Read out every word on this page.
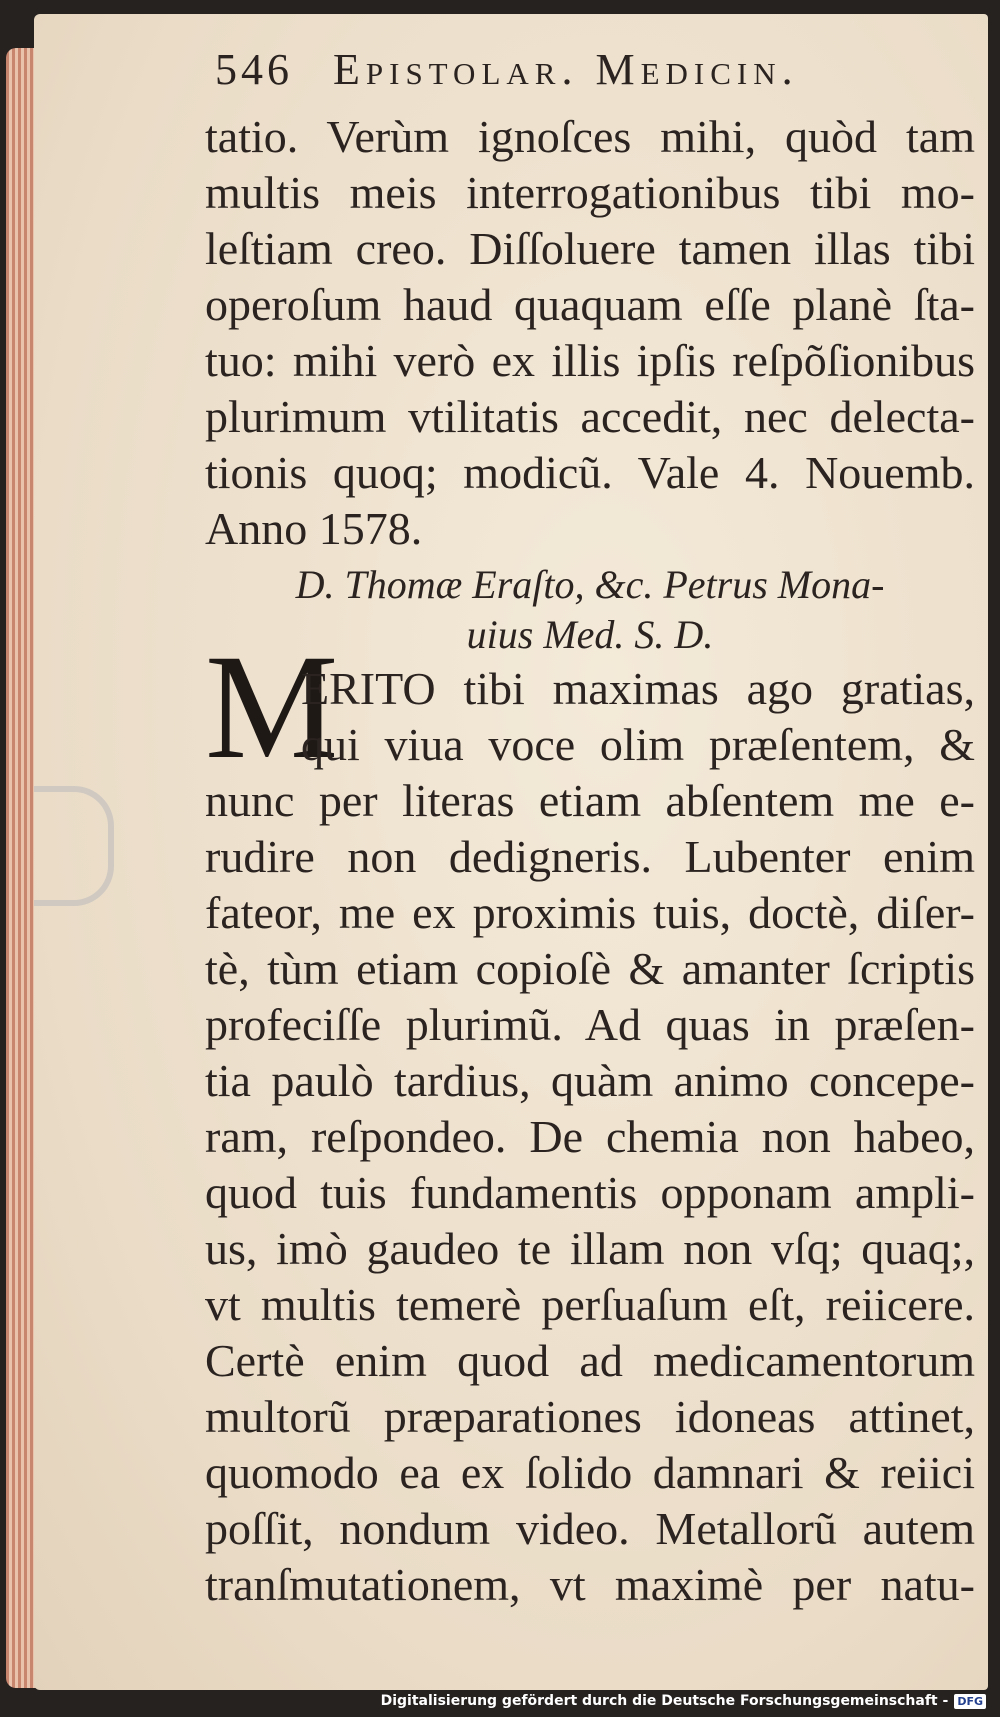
546 Epistolar. Medicin.
tatio. Verùm ignoſces mihi, quòd tam
multis meis interrogationibus tibi mo-
leſtiam creo. Diſſoluere tamen illas tibi
operoſum haud quaquam eſſe planè ſta-
tuo: mihi verò ex illis ipſis reſpõſionibus
plurimum vtilitatis accedit, nec delecta-
tionis quoq; modicũ. Vale 4. Nouemb.
Anno 1578.
D. Thomæ Eraſto, &c. Petrus Mona-
uius Med. S. D.
M
ERITO tibi maximas ago gratias,
qui viua voce olim præſentem, &
nunc per literas etiam abſentem me e-
rudire non dedigneris. Lubenter enim
fateor, me ex proximis tuis, doctè, diſer-
tè, tùm etiam copioſè & amanter ſcriptis
profeciſſe plurimũ. Ad quas in præſen-
tia paulò tardius, quàm animo concepe-
ram, reſpondeo. De chemia non habeo,
quod tuis fundamentis opponam ampli-
us, imò gaudeo te illam non vſq; quaq;,
vt multis temerè perſuaſum eſt, reiicere.
Certè enim quod ad medicamentorum
multorũ præparationes idoneas attinet,
quomodo ea ex ſolido damnari & reiici
poſſit, nondum video. Metallorũ autem
tranſmutationem, vt maximè per natu-
Digitalisierung gefördert durch die Deutsche Forschungsgemeinschaft - DFG
